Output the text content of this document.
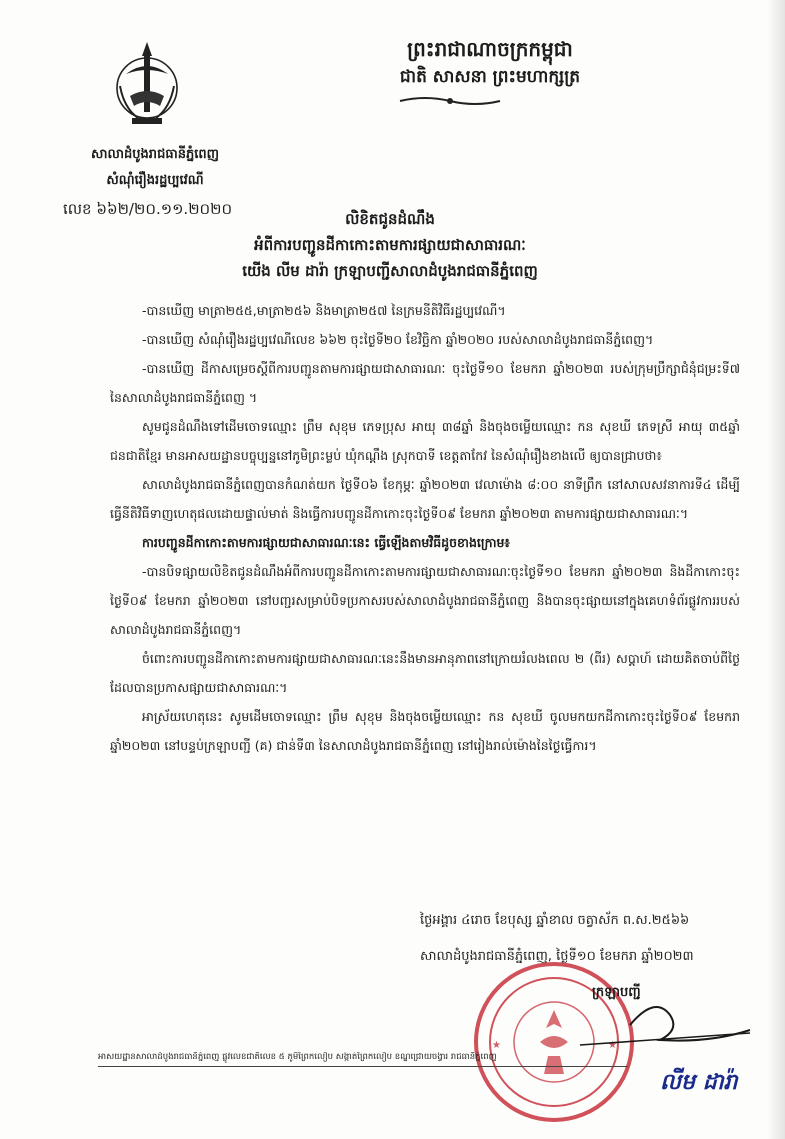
ព្រះរាជាណាចក្រកម្ពុជា
ជាតិ សាសនា ព្រះមហាក្សត្រ
សាលាដំបូងរាជធានីភ្នំពេញ
សំណុំរឿងរដ្ឋប្បវេណី
លេខ ៦៦២/២០.១១.២០២០
លិខិតជូនដំណឹង
អំពីការបញ្ជូនដីកាកោះតាមការផ្សាយជាសាធារណៈ
យើង លីម ដារ៉ា ក្រឡាបញ្ជីសាលាដំបូងរាជធានីភ្នំពេញ

-បានឃើញ មាត្រា២៥៥,មាត្រា២៥៦ និងមាត្រា២៥៧ នៃក្រមនីតិវិធីរដ្ឋប្បវេណី។

-បានឃើញ សំណុំរឿងរដ្ឋប្បវេណីលេខ ៦៦២ ចុះថ្ងៃទី២០ ខែវិច្ឆិកា ឆ្នាំ២០២០ របស់សាលាដំបូងរាជធានីភ្នំពេញ។

-បានឃើញ ដីកាសម្រេចស្តីពីការបញ្ជូនតាមការផ្សាយជាសាធារណៈ ចុះថ្ងៃទី១០ ខែមករា ឆ្នាំ២០២៣ របស់ក្រុមប្រឹក្សាជំនុំជម្រះទី៧ នៃសាលាដំបូងរាជធានីភ្នំពេញ ។

សូមជូនដំណឹងទៅដើមចោទឈ្មោះ ព្រឹម សុខុម ភេទប្រុស អាយុ ៣៨ឆ្នាំ និងចុងចម្លើយឈ្មោះ កន សុខឃី ភេទស្រី អាយុ ៣៥ឆ្នាំ ជនជាតិខ្មែរ មានអាសយដ្ឋានបច្ចុប្បន្ននៅភូមិព្រះម្លប់ ឃុំកណ្តឹង ស្រុកបាទី ខេត្តតាកែវ នៃសំណុំរឿងខាងលើ ឲ្យបានជ្រាបថា៖

សាលាដំបូងរាជធានីភ្នំពេញបានកំណត់យក ថ្ងៃទី០៦ ខែកុម្ភៈ ឆ្នាំ២០២៣ វេលាម៉ោង ៨:០០ នាទីព្រឹក នៅសាលសវនាការទី៤ ដើម្បីធ្វើនីតិវិធីទាញហេតុផលដោយផ្ទាល់មាត់ និងធ្វើការបញ្ជូនដីកាកោះចុះថ្ងៃទី០៩ ខែមករា ឆ្នាំ២០២៣ តាមការផ្សាយជាសាធារណៈ។

ការបញ្ជូនដីកាកោះតាមការផ្សាយជាសាធារណៈនេះ ធ្វើឡើងតាមវិធីដូចខាងក្រោម៖

-បានបិទផ្សាយលិខិតជូនដំណឹងអំពីការបញ្ជូនដីកាកោះតាមការផ្សាយជាសាធារណៈចុះថ្ងៃទី១០ ខែមករា ឆ្នាំ២០២៣ និងដីកាកោះចុះថ្ងៃទី០៩ ខែមករា ឆ្នាំ២០២៣ នៅបញ្ជរសម្រាប់បិទប្រកាសរបស់សាលាដំបូងរាជធានីភ្នំពេញ និងបានចុះផ្សាយនៅក្នុងគេហទំព័រផ្លូវការរបស់សាលាដំបូងរាជធានីភ្នំពេញ។

ចំពោះការបញ្ជូនដីកាកោះតាមការផ្សាយជាសាធារណៈនេះនឹងមានអានុភាពនៅក្រោយរំលងពេល ២ (ពីរ) សប្តាហ៍ ដោយគិតចាប់ពីថ្ងៃដែលបានប្រកាសផ្សាយជាសាធារណៈ។

អាស្រ័យហេតុនេះ សូមដើមចោទឈ្មោះ ព្រឹម សុខុម និងចុងចម្លើយឈ្មោះ កន សុខឃី ចូលមកយកដីកាកោះចុះថ្ងៃទី០៩ ខែមករា ឆ្នាំ២០២៣ នៅបន្ទប់ក្រឡាបញ្ជី (គ) ជាន់ទី៣ នៃសាលាដំបូងរាជធានីភ្នំពេញ នៅរៀងរាល់ម៉ោងនៃថ្ងៃធ្វើការ។

ថ្ងៃអង្គារ ៤រោច ខែបុស្ស ឆ្នាំខាល ចត្វាស័ក ព.ស.២៥៦៦
សាលាដំបូងរាជធានីភ្នំពេញ, ថ្ងៃទី១០ ខែមករា ឆ្នាំ២០២៣
★	★
ក្រឡាបញ្ជី
លីម ដារ៉ា
អាសយដ្ឋានសាលាដំបូងរាជធានីភ្នំពេញ ផ្លូវលេខជាតិលេខ ៥ ភូមិព្រែកលៀប សង្កាត់ព្រែកលៀប ខណ្ឌជ្រោយចង្វារ រាជធានីភ្នំពេញ
